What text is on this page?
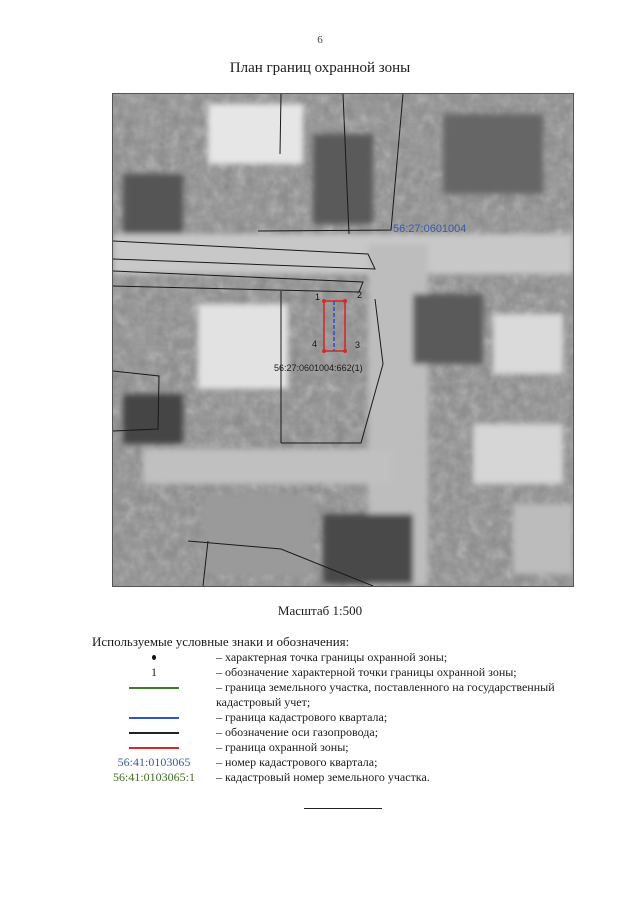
6
План границ охранной зоны
56:27:0601004
56:27:0601004:662(1)
1	2
3
4
Масштаб 1:500
Используемые условные знаки и обозначения:
– характерная точка границы охранной зоны;
1	– обозначение характерной точки границы охранной зоны;
– граница земельного участка, поставленного на государственный кадастровый учет;
– граница кадастрового квартала;
– обозначение оси газопровода;
– граница охранной зоны;
56:41:0103065 – номер кадастрового квартала;
56:41:0103065:1 – кадастровый номер земельного участка.
